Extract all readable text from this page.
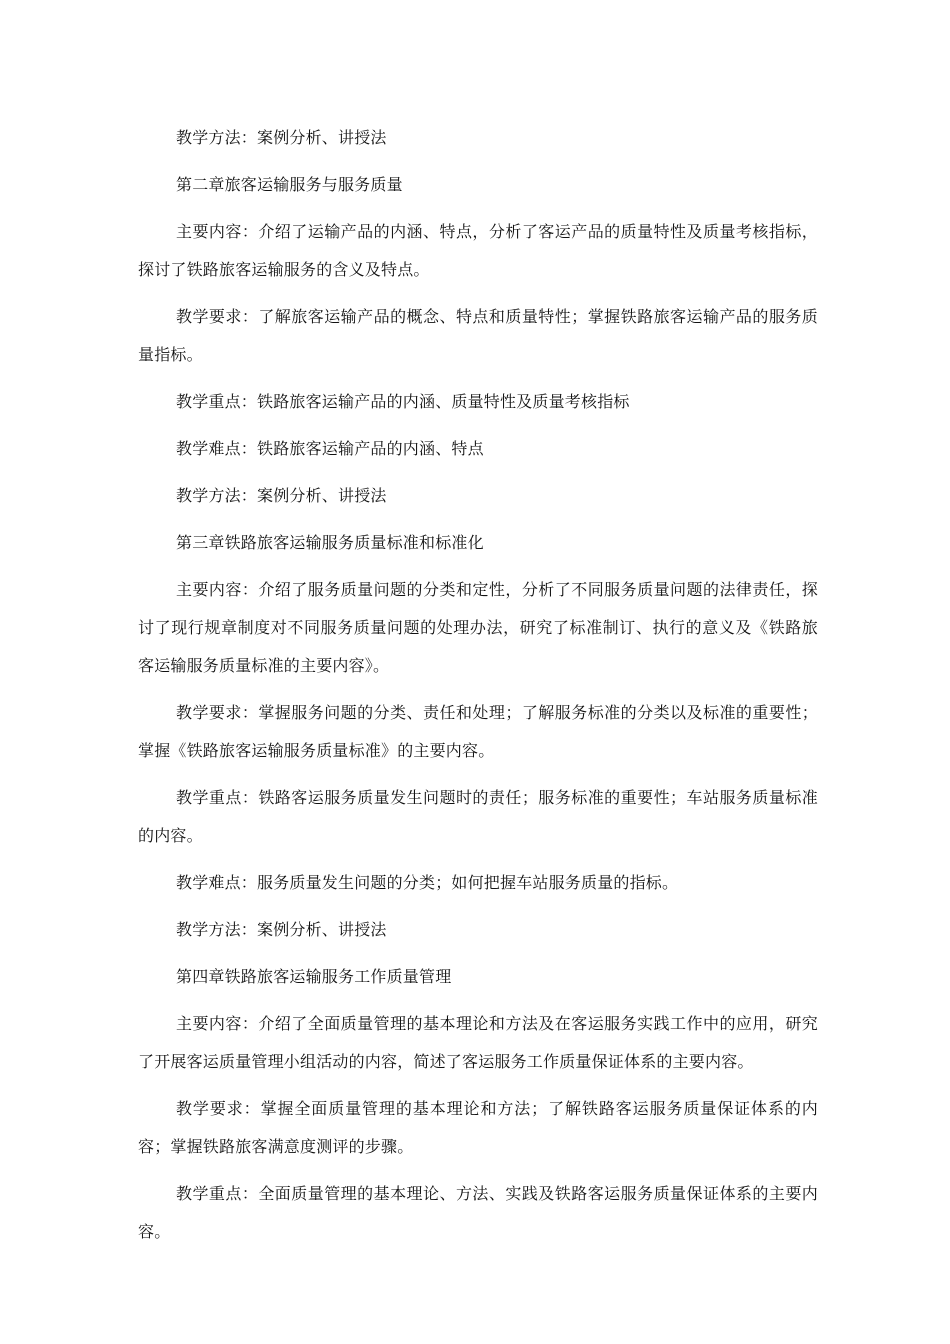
教学方法：案例分析、讲授法

第二章旅客运输服务与服务质量

主要内容：介绍了运输产品的内涵、特点，分析了客运产品的质量特性及质量考核指标，探讨了铁路旅客运输服务的含义及特点。

教学要求：了解旅客运输产品的概念、特点和质量特性；掌握铁路旅客运输产品的服务质量指标。

教学重点：铁路旅客运输产品的内涵、质量特性及质量考核指标

教学难点：铁路旅客运输产品的内涵、特点

教学方法：案例分析、讲授法

第三章铁路旅客运输服务质量标准和标准化

主要内容：介绍了服务质量问题的分类和定性，分析了不同服务质量问题的法律责任，探讨了现行规章制度对不同服务质量问题的处理办法，研究了标准制订、执行的意义及《铁路旅客运输服务质量标准的主要内容》。

教学要求：掌握服务问题的分类、责任和处理；了解服务标准的分类以及标准的重要性；掌握《铁路旅客运输服务质量标准》的主要内容。

教学重点：铁路客运服务质量发生问题时的责任；服务标准的重要性；车站服务质量标准的内容。

教学难点：服务质量发生问题的分类；如何把握车站服务质量的指标。

教学方法：案例分析、讲授法

第四章铁路旅客运输服务工作质量管理

主要内容：介绍了全面质量管理的基本理论和方法及在客运服务实践工作中的应用，研究了开展客运质量管理小组活动的内容，简述了客运服务工作质量保证体系的主要内容。

教学要求：掌握全面质量管理的基本理论和方法；了解铁路客运服务质量保证体系的内容；掌握铁路旅客满意度测评的步骤。

教学重点：全面质量管理的基本理论、方法、实践及铁路客运服务质量保证体系的主要内容。
